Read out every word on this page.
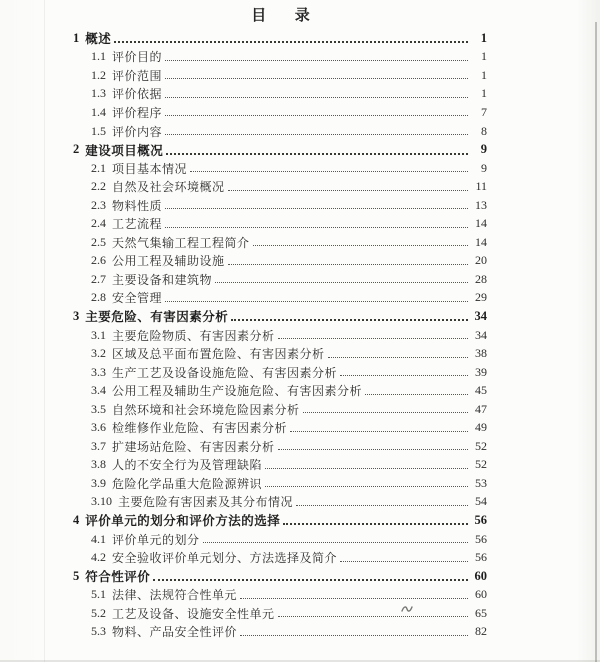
目  录
1 概述	1
1.1 评价目的	1
1.2 评价范围	1
1.3 评价依据	1
1.4 评价程序	7
1.5 评价内容	8
2 建设项目概况	9
2.1 项目基本情况	9
2.2 自然及社会环境概况	11
2.3 物料性质	13
2.4 工艺流程	14
2.5 天然气集输工程工程简介	14
2.6 公用工程及辅助设施	20
2.7 主要设备和建筑物	28
2.8 安全管理	29
3 主要危险、有害因素分析	34
3.1 主要危险物质、有害因素分析	34
3.2 区域及总平面布置危险、有害因素分析	38
3.3 生产工艺及设备设施危险、有害因素分析	39
3.4 公用工程及辅助生产设施危险、有害因素分析	45
3.5 自然环境和社会环境危险因素分析	47
3.6 检维修作业危险、有害因素分析	49
3.7 扩建场站危险、有害因素分析	52
3.8 人的不安全行为及管理缺陷	52
3.9 危险化学品重大危险源辨识	53
3.10 主要危险有害因素及其分布情况	54
4 评价单元的划分和评价方法的选择	56
4.1 评价单元的划分	56
4.2 安全验收评价单元划分、方法选择及简介	56
5 符合性评价	60
5.1 法律、法规符合性单元	60
5.2 工艺及设备、设施安全性单元	65
5.3 物料、产品安全性评价	82
